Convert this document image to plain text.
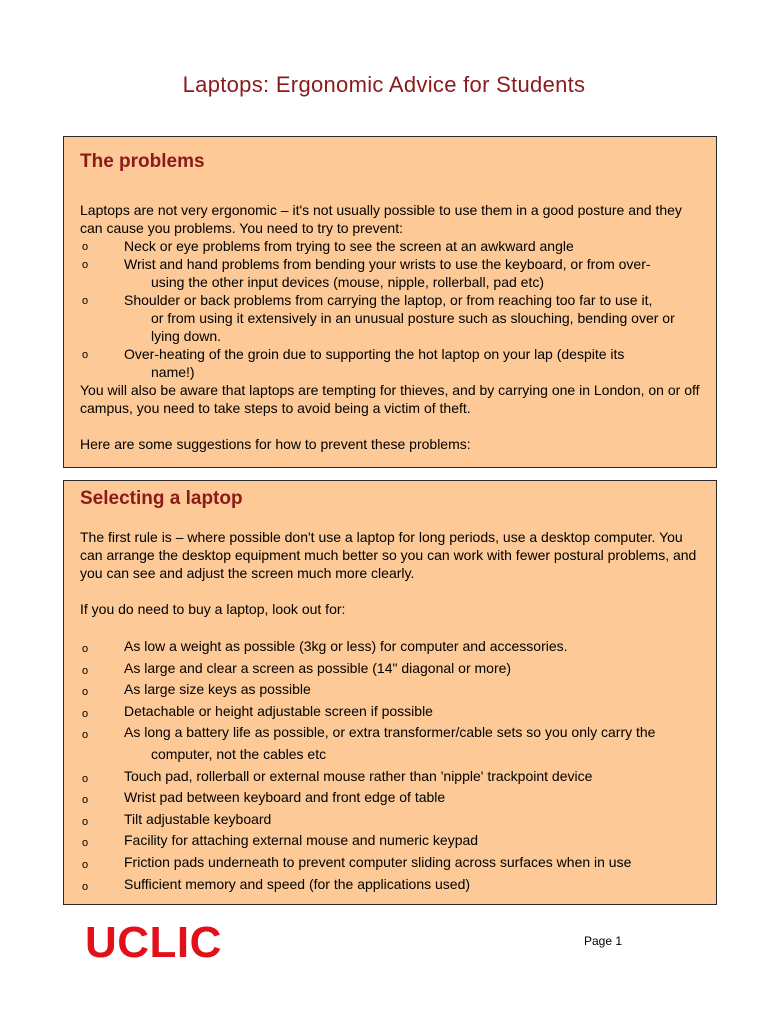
Laptops: Ergonomic Advice for Students
The problems

Laptops are not very ergonomic – it's not usually possible to use them in a good posture and they can cause you problems. You need to try to prevent:

o	Neck or eye problems from trying to see the screen at an awkward angle
o	Wrist and hand problems from bending your wrists to use the keyboard, or from over-
using the other input devices (mouse, nipple, rollerball, pad etc)
o	Shoulder or back problems from carrying the laptop, or from reaching too far to use it,
or from using it extensively in an unusual posture such as slouching, bending over or lying down.
o	Over-heating of the groin due to supporting the hot laptop on your lap (despite its
name!)

You will also be aware that laptops are tempting for thieves, and by carrying one in London, on or off campus, you need to take steps to avoid being a victim of theft.

Here are some suggestions for how to prevent these problems:

Selecting a laptop

The first rule is – where possible don't use a laptop for long periods, use a desktop computer. You can arrange the desktop equipment much better so you can work with fewer postural problems, and you can see and adjust the screen much more clearly.

If you do need to buy a laptop, look out for:

o	As low a weight as possible (3kg or less) for computer and accessories.
o	As large and clear a screen as possible (14" diagonal or more)
o	As large size keys as possible
o	Detachable or height adjustable screen if possible
o	As long a battery life as possible, or extra transformer/cable sets so you only carry the
computer, not the cables etc
o	Touch pad, rollerball or external mouse rather than 'nipple' trackpoint device
o	Wrist pad between keyboard and front edge of table
o	Tilt adjustable keyboard
o	Facility for attaching external mouse and numeric keypad
o	Friction pads underneath to prevent computer sliding across surfaces when in use
o	Sufficient memory and speed (for the applications used)
UCLIC	Page 1
